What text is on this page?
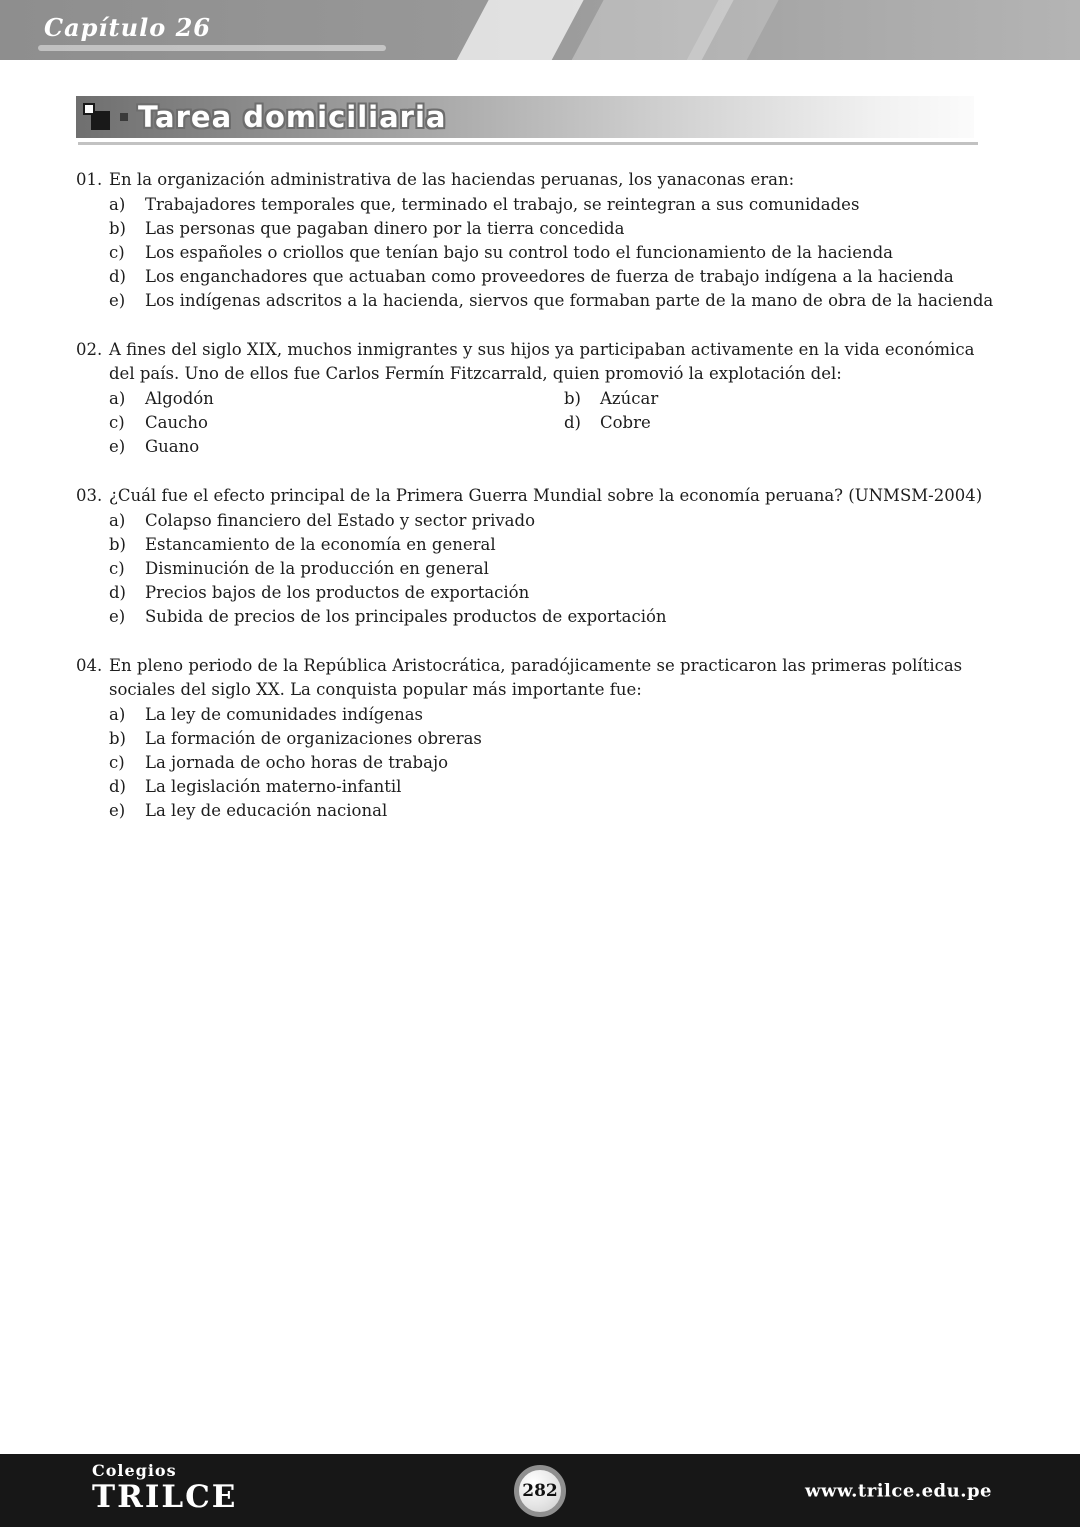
Capítulo 26
Tarea domiciliaria
01. En la organización administrativa de las haciendas peruanas, los yanaconas eran:

a)	Trabajadores temporales que, terminado el trabajo, se reintegran a sus comunidades
b)	Las personas que pagaban dinero por la tierra concedida
c)	Los españoles o criollos que tenían bajo su control todo el funcionamiento de la hacienda
d)	Los enganchadores que actuaban como proveedores de fuerza de trabajo indígena a la hacienda
e)	Los indígenas adscritos a la hacienda, siervos que formaban parte de la mano de obra de la hacienda
02. A fines del siglo XIX, muchos inmigrantes y sus hijos ya participaban activamente en la vida económica del país. Uno de ellos fue Carlos Fermín Fitzcarrald, quien promovió la explotación del:

a)	Algodón	b)	Azúcar
c)	Caucho	d)	Cobre
e)	Guano
03. ¿Cuál fue el efecto principal de la Primera Guerra Mundial sobre la economía peruana? (UNMSM-2004)

a)	Colapso financiero del Estado y sector privado
b)	Estancamiento de la economía en general
c)	Disminución de la producción en general
d)	Precios bajos de los productos de exportación
e)	Subida de precios de los principales productos de exportación
04. En pleno periodo de la República Aristocrática, paradójicamente se practicaron las primeras políticas sociales del siglo XX. La conquista popular más importante fue:

a)	La ley de comunidades indígenas
b)	La formación de organizaciones obreras
c)	La jornada de ocho horas de trabajo
d)	La legislación materno-infantil
e)	La ley de educación nacional
Colegios
TRILCE	282	www.trilce.edu.pe
